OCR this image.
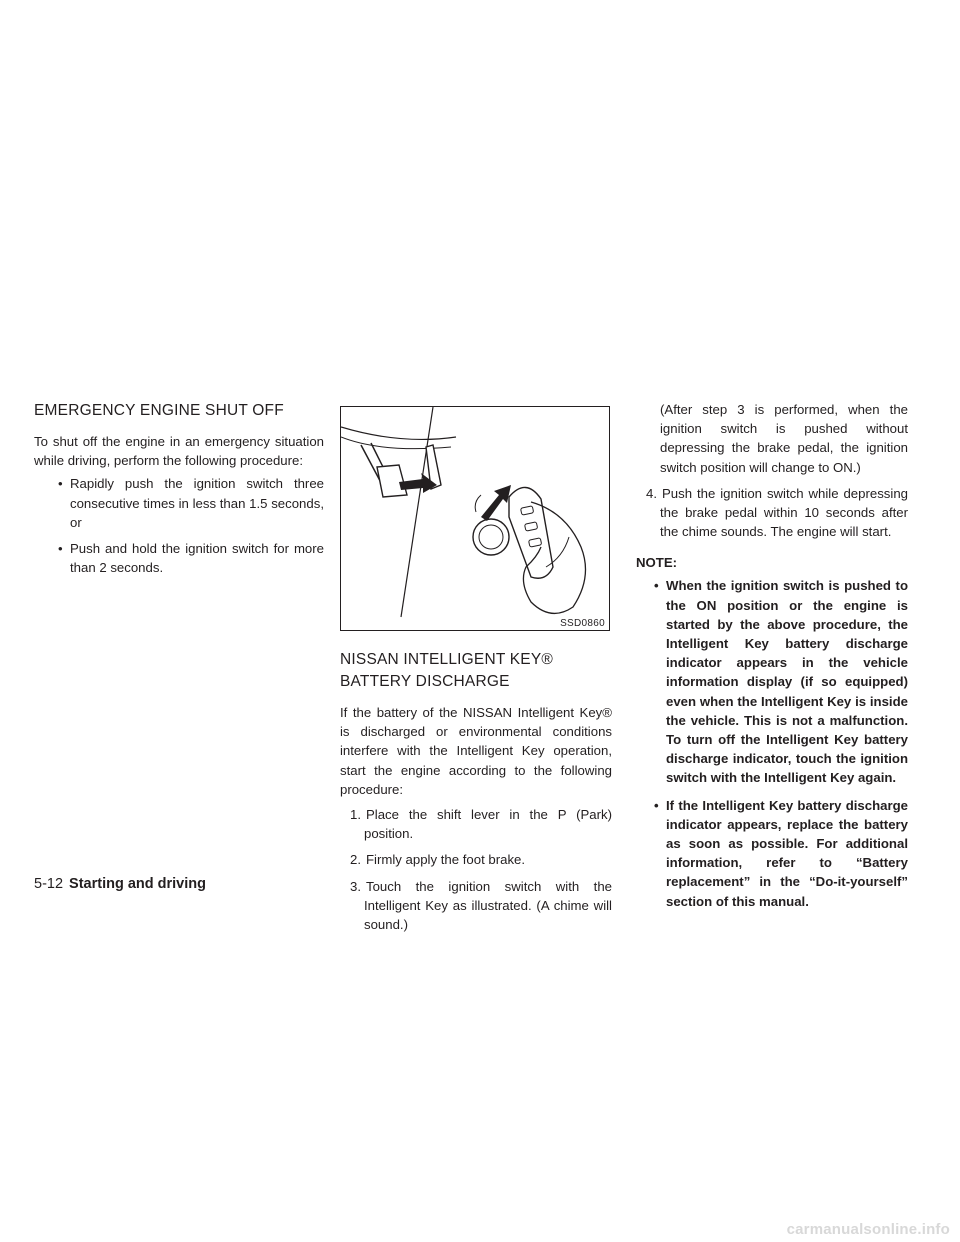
EMERGENCY ENGINE SHUT OFF

To shut off the engine in an emergency situation while driving, perform the following procedure:

• Rapidly push the ignition switch three consecutive times in less than 1.5 seconds, or
• Push and hold the ignition switch for more than 2 seconds.
SSD0860
NISSAN INTELLIGENT KEY®
BATTERY DISCHARGE

If the battery of the NISSAN Intelligent Key® is discharged or environmental conditions interfere with the Intelligent Key operation, start the engine according to the following procedure:

1. Place the shift lever in the P (Park) position.
2. Firmly apply the foot brake.
3. Touch the ignition switch with the Intelligent Key as illustrated. (A chime will sound.)
(After step 3 is performed, when the ignition switch is pushed without depressing the brake pedal, the ignition switch position will change to ON.)
4. Push the ignition switch while depressing the brake pedal within 10 seconds after the chime sounds. The engine will start.
NOTE:
• When the ignition switch is pushed to the ON position or the engine is started by the above procedure, the Intelligent Key battery discharge indicator appears in the vehicle information display (if so equipped) even when the Intelligent Key is inside the vehicle. This is not a malfunction. To turn off the Intelligent Key battery discharge indicator, touch the ignition switch with the Intelligent Key again.
• If the Intelligent Key battery discharge indicator appears, replace the battery as soon as possible. For additional information, refer to “Battery replacement” in the “Do-it-yourself” section of this manual.
5-12 Starting and driving
carmanualsonline.info
